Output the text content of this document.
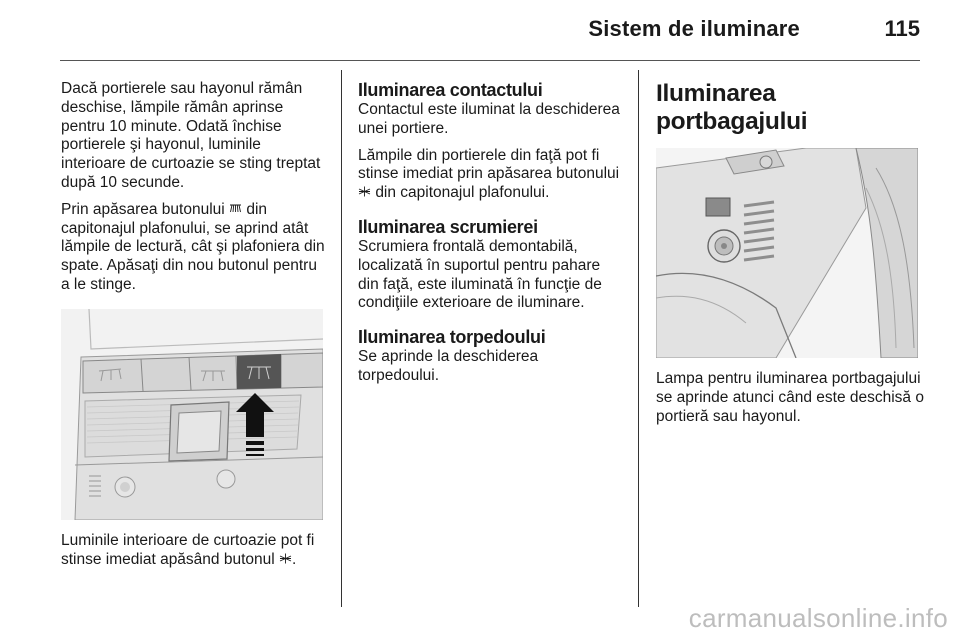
Sistem de iluminare	115

Dacă portierele sau hayonul rămân deschise, lămpile rămân aprinse pentru 10 minute. Odată închise portierele şi hayonul, luminile interioare de curtoazie se sting treptat după 10 secunde.

Prin apăsarea butonului din capitonajul plafonului, se aprind atât lămpile de lectură, cât şi plafoniera din spate. Apăsaţi din nou butonul pentru a le stinge.

Luminile interioare de curtoazie pot fi stinse imediat apăsând butonul .

Iluminarea contactului

Contactul este iluminat la deschiderea unei portiere.

Lămpile din portierele din faţă pot fi stinse imediat prin apăsarea butonului  din capitonajul plafonului.

Iluminarea scrumierei

Scrumiera frontală demontabilă, localizată în suportul pentru pahare din faţă, este iluminată în funcţie de condiţiile exterioare de iluminare.

Iluminarea torpedoului

Se aprinde la deschiderea torpedoului.

Iluminarea portbagajului

Lampa pentru iluminarea portbagajului se aprinde atunci când este deschisă o portieră sau hayonul.

carmanualsonline.info
